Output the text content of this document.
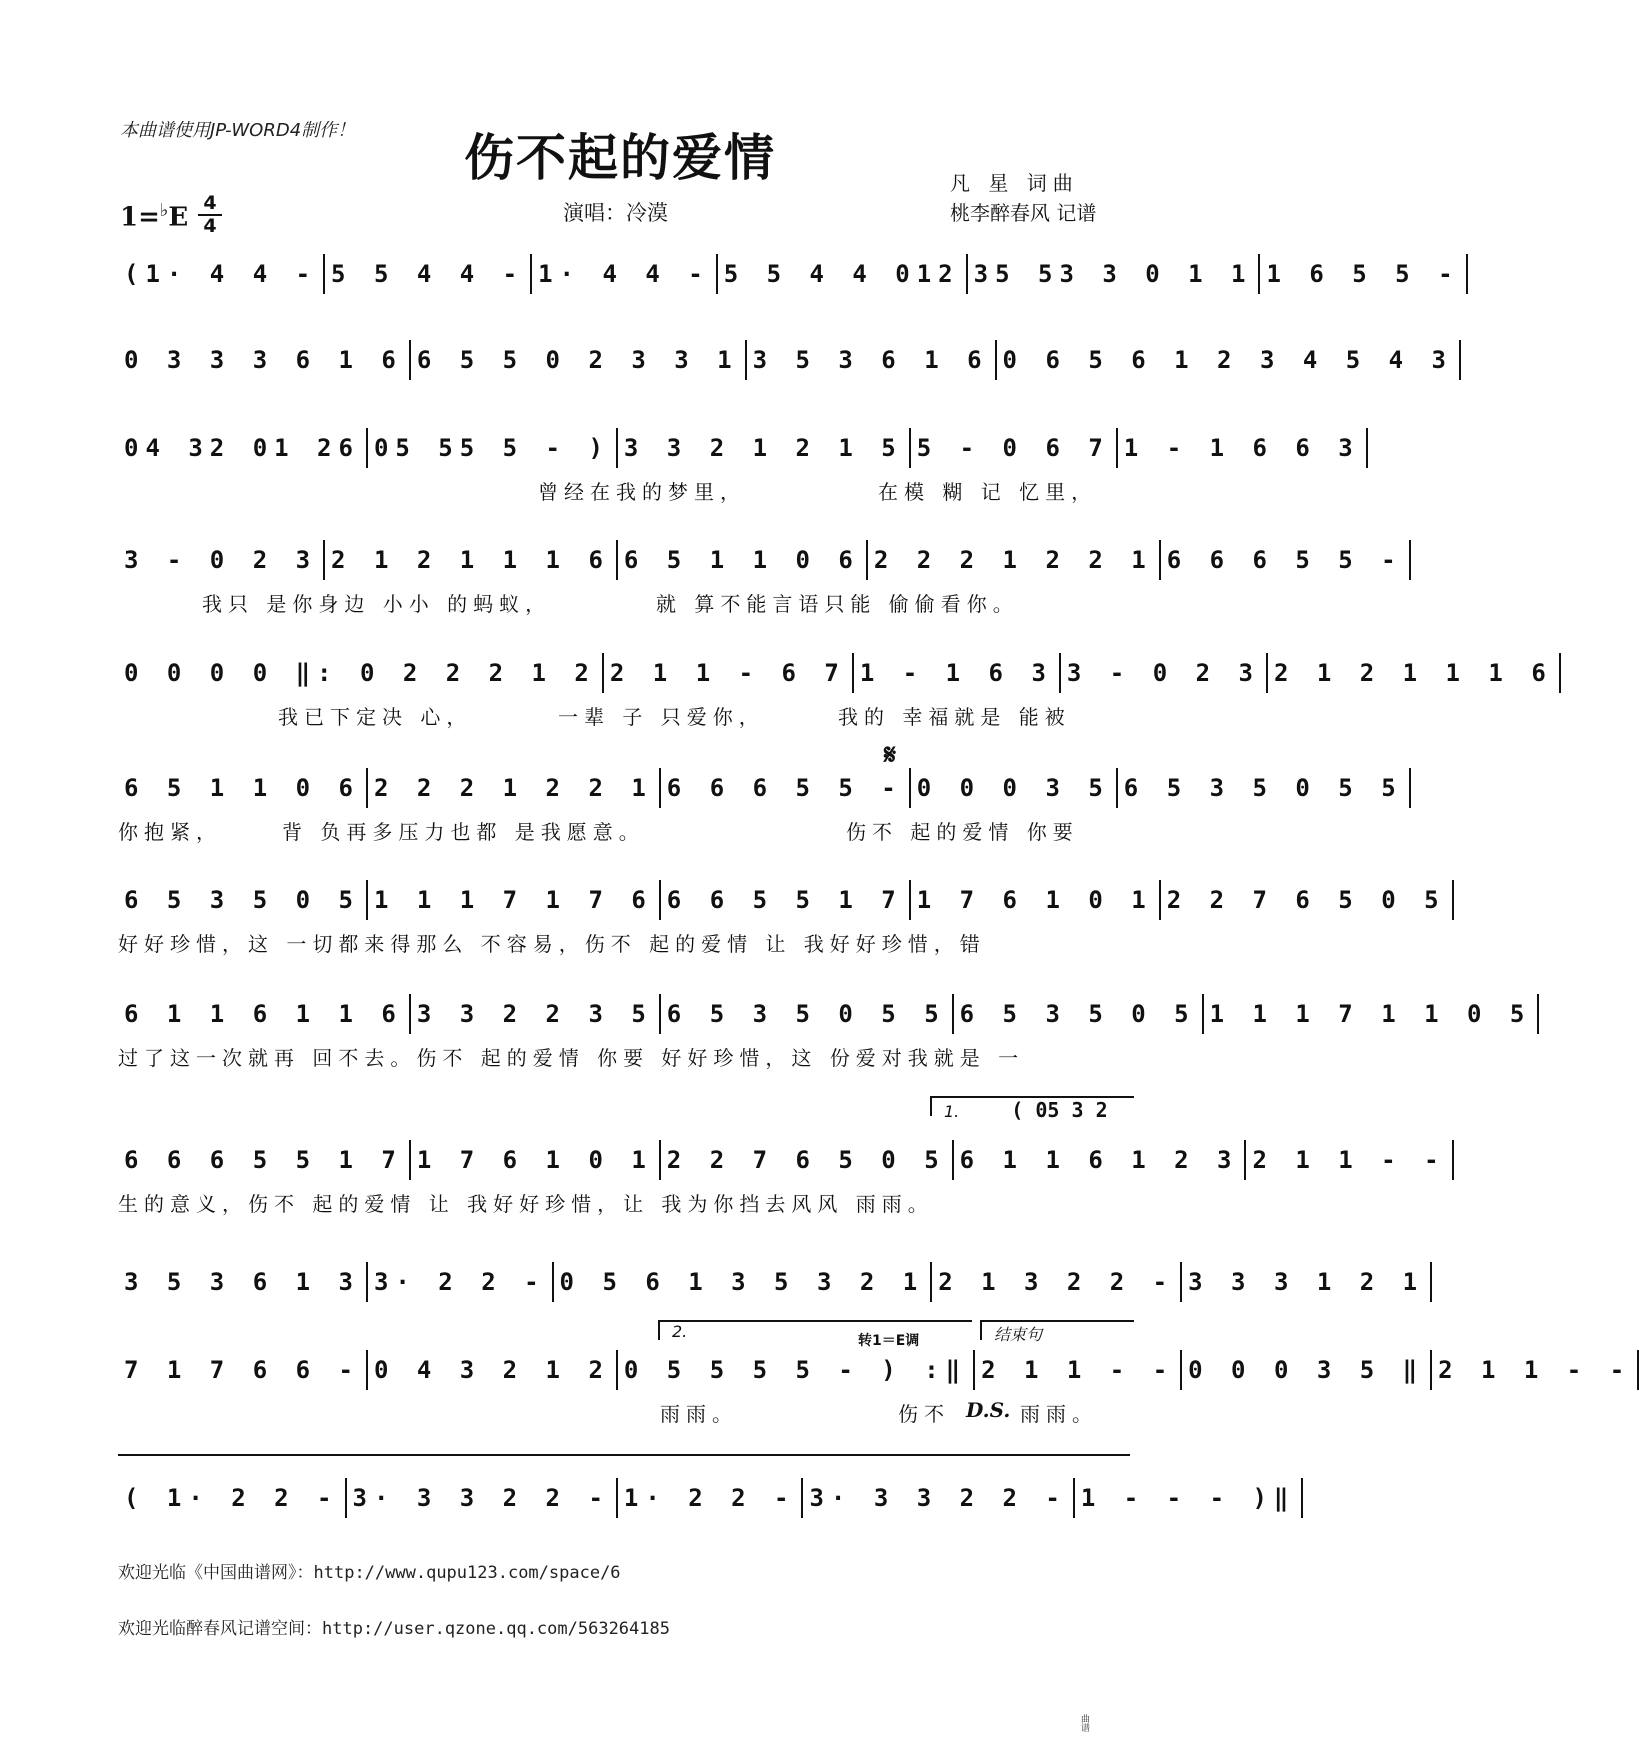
本曲谱使用JP-WORD4制作！	伤不起的爱情	凡 星 词曲
桃李醉春风 记谱
演唱：冷漠
1=♭E 4
4
(1· 4 4 - 5 5 4 4 - 1· 4 4 - 5 5 4 4 012 35 53 3 0 1 1 1 6 5 5 -
0 3 3 3 6 1 6 6 5 5 0 2 3 3 1 3 5 3 6 1 6 0 6 5 6 1 2 3 4 5 4 3
04 32 01 26 05 55 5 - ) 3 3 2 1 2 1 5 5 - 0 6 7 1 - 1 6 6 3
曾经在我的梦里，	在模 糊 记 忆里，
3 - 0 2 3 2 1 2 1 1 1 6 6 5 1 1 0 6 2 2 2 1 2 2 1 6 6 6 5 5 -
我只 是你身边 小小 的蚂蚁，	就 算不能言语只能 偷偷看你。
0 0 0 0 ‖: 0 2 2 2 1 2 2 1 1 - 6 7 1 - 1 6 3 3 - 0 2 3 2 1 2 1 1 1 6
我已下定决 心，	一辈 子 只爱你，	我的 幸福就是 能被
𝄋
6 5 1 1 0 6 2 2 2 1 2 2 1 6 6 6 5 5 - 0 0 0 3 5 6 5 3 5 0 5 5
你抱紧，	背 负再多压力也都 是我愿意。	伤不 起的爱情 你要
6 5 3 5 0 5 1 1 1 7 1 7 6 6 6 5 5 1 7 1 7 6 1 0 1 2 2 7 6 5 0 5
好好珍惜，这 一切都来得那么 不容易，伤不 起的爱情 让 我好好珍惜，错
6 1 1 6 1 1 6 3 3 2 2 3 5 6 5 3 5 0 5 5 6 5 3 5 0 5 1 1 1 7 1 1 0 5
过了这一次就再 回不去。伤不 起的爱情 你要 好好珍惜，这 份爱对我就是 一
1. ( 05 3 2
6 6 6 5 5 1 7 1 7 6 1 0 1 2 2 7 6 5 0 5 6 1 1 6 1 2 3 2 1 1 - -
生的意义，伤不 起的爱情 让 我好好珍惜，让 我为你挡去风风 雨雨。
3 5 3 6 1 3 3· 2 2 - 0 5 6 1 3 5 3 2 1 2 1 3 2 2 - 3 3 3 1 2 1
2.	转1＝E调	结束句
7 1 7 6 6 - 0 4 3 2 1 2 0 5 5 5 5 - ) :‖ 2 1 1 - - 0 0 0 3 5 ‖ 2 1 1 - -
雨雨。	伤不 D.S. 雨雨。
( 1· 2 2 - 3· 3 3 2 2 - 1· 2 2 - 3· 3 3 2 2 - 1 - - - )‖
欢迎光临《中国曲谱网》：http://www.qupu123.com/space/6
欢迎光临醉春风记谱空间：http://user.qzone.qq.com/563264185
曲谱
